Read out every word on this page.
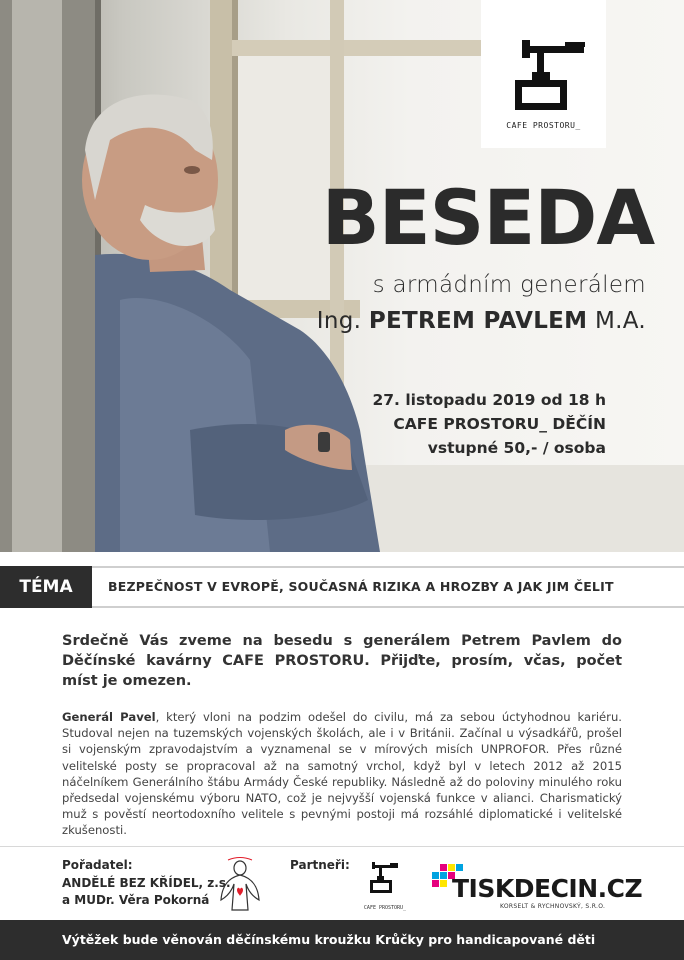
CAFE PROSTORU_
BESEDA
s armádním generálem
Ing. PETREM PAVLEM M.A.
27. listopadu 2019 od 18 h
CAFE PROSTORU_ DĚČÍN
vstupné 50,- / osoba
TÉMA	BEZPEČNOST V EVROPĚ, SOUČASNÁ RIZIKA A HROZBY A JAK JIM ČELIT
Srdečně Vás zveme na besedu s generálem Petrem Pavlem do Děčínské kavárny CAFE PROSTORU. Přijďte, prosím, včas, počet míst je omezen.
Generál Pavel, který vloni na podzim odešel do civilu, má za sebou úctyhodnou kariéru. Studoval nejen na tuzemských vojenských školách, ale i v Británii. Začínal u výsadkářů, prošel si vojenským zpravodajstvím a vyznamenal se v mírových misích UNPROFOR. Přes různé velitelské posty se propracoval až na samotný vrchol, když byl v letech 2012 až 2015 náčelníkem Generálního štábu Armády České republiky. Následně až do poloviny minulého roku předsedal vojenskému výboru NATO, což je nejvyšší vojenská funkce v alianci. Charismatický muž s pověstí neortodoxního velitele s pevnými postoji má rozsáhlé diplomatické i velitelské zkušenosti.
Pořadatel:
ANDĚLÉ BEZ KŘÍDEL, z.s.
a MUDr. Věra Pokorná
Partneři:
CAFE PROSTORU_
TISKDECIN.CZ
KORSELT & RYCHNOVSKÝ, S.R.O.
Výtěžek bude věnován děčínskému kroužku Krůčky pro handicapované děti
